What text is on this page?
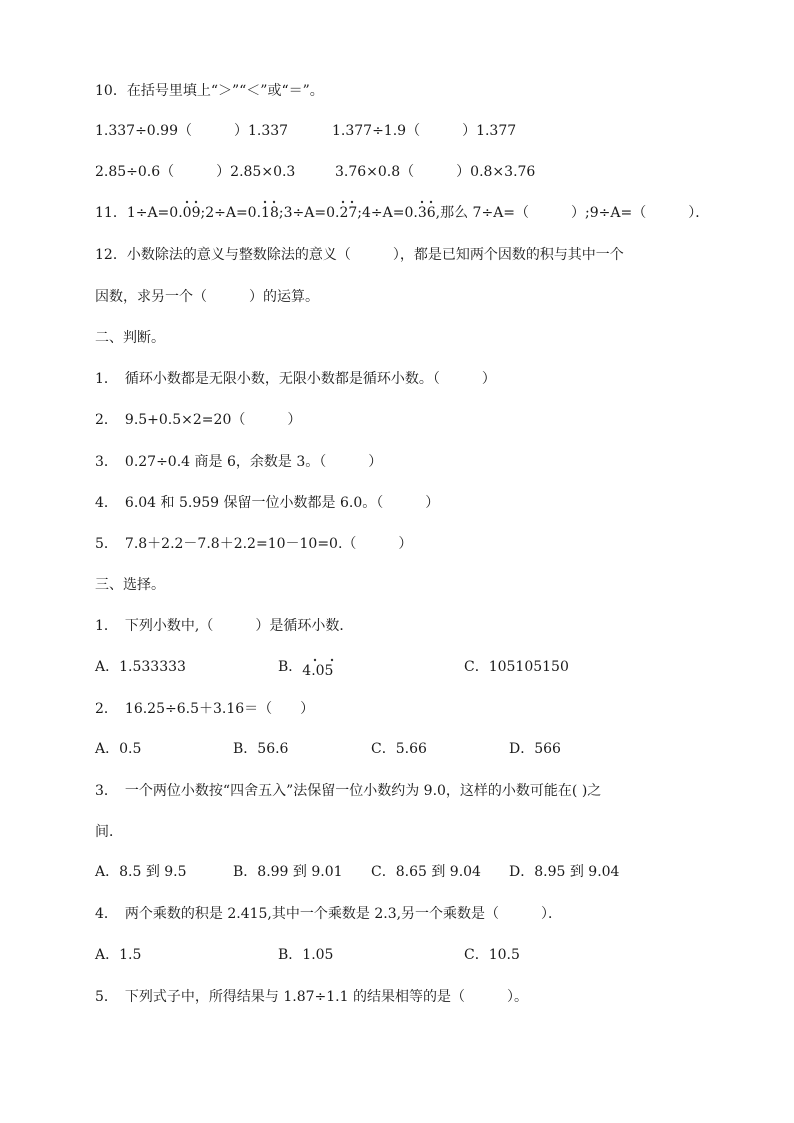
10．在括号里填上“＞”“＜”或“＝”。
1.337÷0.99（　　　）1.337	1.377÷1.9（　　　）1.377
2.85÷0.6（　　　）2.85×0.3	3.76×0.8（　　　）0.8×3.76
11．1÷A=0.09
;2÷A=0.18
;3÷A=0.27
;4÷A=0.36
,那么 7÷A=（　　　）;9÷A=（　　　）．
12．小数除法的意义与整数除法的意义（　　　），都是已知两个因数的积与其中一个
因数，求另一个（　　　）的运算。
二、判断。
1．　循环小数都是无限小数，无限小数都是循环小数。（　　　）
2．　9.5+0.5×2=20（　　　）
3．　0.27÷0.4 商是 6，余数是 3。（　　　）
4．　6.04 和 5.959 保留一位小数都是 6.0。（　　　）
5．　7.8＋2.2－7.8＋2.2=10－10=0.（　　　）
三、选择。
1．　下列小数中,（　　　）是循环小数．
A．1.533333	B．4.05	C．105105150
2．　16.25÷6.5＋3.16＝（　　）
A．0.5	B．56.6	C．5.66	D．566
3．　一个两位小数按“四舍五入”法保留一位小数约为 9.0，这样的小数可能在( )之
间．
A．8.5 到 9.5	B．8.99 到 9.01 C．8.65 到 9.04 D．8.95 到 9.04
4．　两个乘数的积是 2.415,其中一个乘数是 2.3,另一个乘数是（　　　）．
A．1.5	B．1.05	C．10.5
5．　下列式子中，所得结果与 1.87÷1.1 的结果相等的是（　　　）。
